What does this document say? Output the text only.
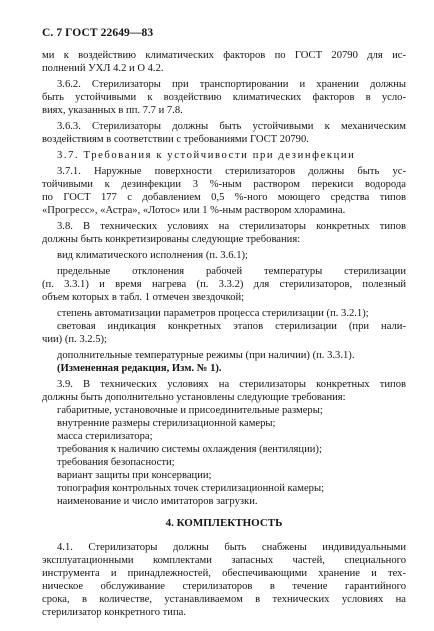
С. 7 ГОСТ 22649—83
ми к воздействию климатических факторов по ГОСТ 20790 для ис-
полнений УХЛ 4.2 и О 4.2.
3.6.2. Стерилизаторы при транспортировании и хранении должны
быть устойчивыми к воздействию климатических факторов в усло-
виях, указанных в пп. 7.7 и 7.8.
3.6.3. Стерилизаторы должны быть устойчивыми к механическим
воздействиям в соответствии с требованиями ГОСТ 20790.
3.7. Требования к устойчивости при дезинфекции
3.7.1. Наружные поверхности стерилизаторов должны быть ус-
тойчивыми к дезинфекции 3 %-ным раствором перекиси водорода
по ГОСТ 177 с добавлением 0,5 %-ного моющего средства типов
«Прогресс», «Астра», «Лотос» или 1 %-ным раствором хлорамина.
3.8. В технических условиях на стерилизаторы конкретных типов
должны быть конкретизированы следующие требования:
вид климатического исполнения (п. 3.6.1);
предельные отклонения рабочей температуры стерилизации
(п. 3.3.1) и время нагрева (п. 3.3.2) для стерилизаторов, полезный
объем которых в табл. 1 отмечен звездочкой;
степень автоматизации параметров процесса стерилизации (п. 3.2.1);
световая индикация конкретных этапов стерилизации (при нали-
чии) (п. 3.2.5);
дополнительные температурные режимы (при наличии) (п. 3.3.1).
(Измененная редакция, Изм. № 1).
3.9. В технических условиях на стерилизаторы конкретных типов
должны быть дополнительно установлены следующие требования:
габаритные, установочные и присоединительные размеры;
внутренние размеры стерилизационной камеры;
масса стерилизатора;
требования к наличию системы охлаждения (вентиляции);
требования безопасности;
вариант защиты при консервации;
топография контрольных точек стерилизационной камеры;
наименование и число имитаторов загрузки.
4. КОМПЛЕКТНОСТЬ
4.1. Стерилизаторы должны быть снабжены индивидуальными
эксплуатационными комплектами запасных частей, специального
инструмента и принадлежностей, обеспечивающими хранение и тех-
ническое обслуживание стерилизаторов в течение гарантийного
срока, в количестве, устанавливаемом в технических условиях на
стерилизатор конкретного типа.
